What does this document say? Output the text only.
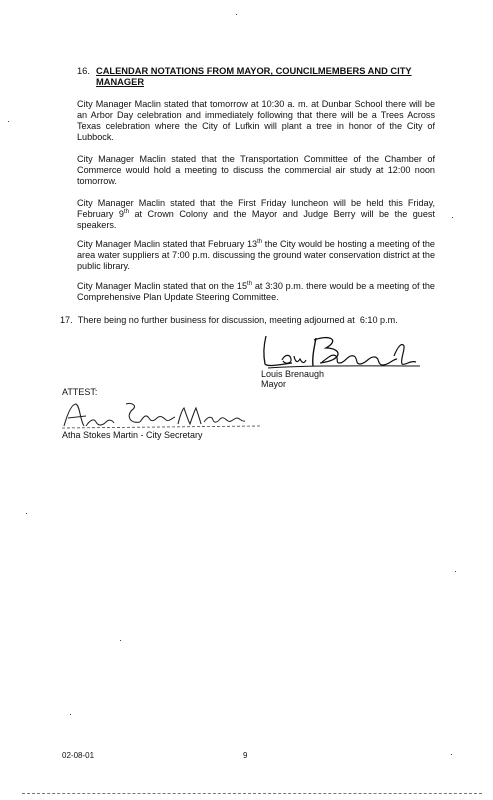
16. CALENDAR NOTATIONS FROM MAYOR, COUNCILMEMBERS AND CITY MANAGER
City Manager Maclin stated that tomorrow at 10:30 a. m. at Dunbar School there will be an Arbor Day celebration and immediately following that there will be a Trees Across Texas celebration where the City of Lufkin will plant a tree in honor of the City of Lubbock.
City Manager Maclin stated that the Transportation Committee of the Chamber of Commerce would hold a meeting to discuss the commercial air study at 12:00 noon tomorrow.
City Manager Maclin stated that the First Friday luncheon will be held this Friday, February 9th at Crown Colony and the Mayor and Judge Berry will be the guest speakers.
City Manager Maclin stated that February 13th the City would be hosting a meeting of the area water suppliers at 7:00 p.m. discussing the ground water conservation district at the public library.
City Manager Maclin stated that on the 15th at 3:30 p.m. there would be a meeting of the Comprehensive Plan Update Steering Committee.
17. There being no further business for discussion, meeting adjourned at 6:10 p.m.
Louis Brenaugh
Mayor
ATTEST:
Atha Stokes Martin - City Secretary
02-08-01	9
